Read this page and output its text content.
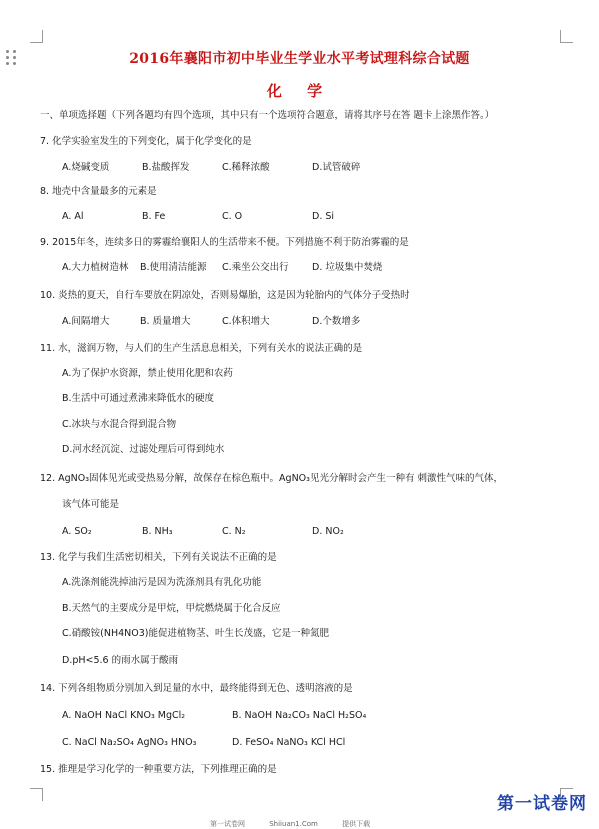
2016年襄阳市初中毕业生学业水平考试理科综合试题
化 学
一、单项选择题（下列各题均有四个选项，其中只有一个选项符合题意，请将其序号在答 题卡上涂黑作答。）
7. 化学实验室发生的下列变化，属于化学变化的是
A.烧碱变质	B.盐酸挥发	C.稀释浓酸	D.试管破碎
8. 地壳中含量最多的元素是
A. Al	B. Fe	C. O	D. Si
9. 2015年冬，连续多日的雾霾给襄阳人的生活带来不便。下列措施不利于防治雾霾的是
A.大力植树造林 B.使用清洁能源 C.乘坐公交出行 D. 垃圾集中焚烧
10. 炎热的夏天，自行车要放在阴凉处，否则易爆胎，这是因为轮胎内的气体分子受热时
A.间隔增大	B. 质量增大	C.体积增大	D.个数增多
11. 水，滋润万物，与人们的生产生活息息相关，下列有关水的说法正确的是
A.为了保护水资源，禁止使用化肥和农药
B.生活中可通过煮沸来降低水的硬度
C.冰块与水混合得到混合物
D.河水经沉淀、过滤处理后可得到纯水
12. AgNO₃固体见光或受热易分解，故保存在棕色瓶中。AgNO₃见光分解时会产生一种有 刺激性气味的气体，
该气体可能是
A. SO₂	B. NH₃	C. N₂	D. NO₂
13. 化学与我们生活密切相关，下列有关说法不正确的是
A.洗涤剂能洗掉油污是因为洗涤剂具有乳化功能
B.天然气的主要成分是甲烷，甲烷燃烧属于化合反应
C.硝酸铵(NH4NO3)能促进植物茎、叶生长茂盛，它是一种氮肥
D.pH<5.6 的雨水属于酸雨
14. 下列各组物质分别加入到足量的水中，最终能得到无色、透明溶液的是
A. NaOH NaCl KNO₃ MgCl₂	B. NaOH Na₂CO₃ NaCl H₂SO₄
C. NaCl Na₂SO₄ AgNO₃ HNO₃	D. FeSO₄ NaNO₃ KCl HCl
15. 推理是学习化学的一种重要方法，下列推理正确的是
第一试卷网	Shiiuan1.Com	提供下载
第一试卷网
